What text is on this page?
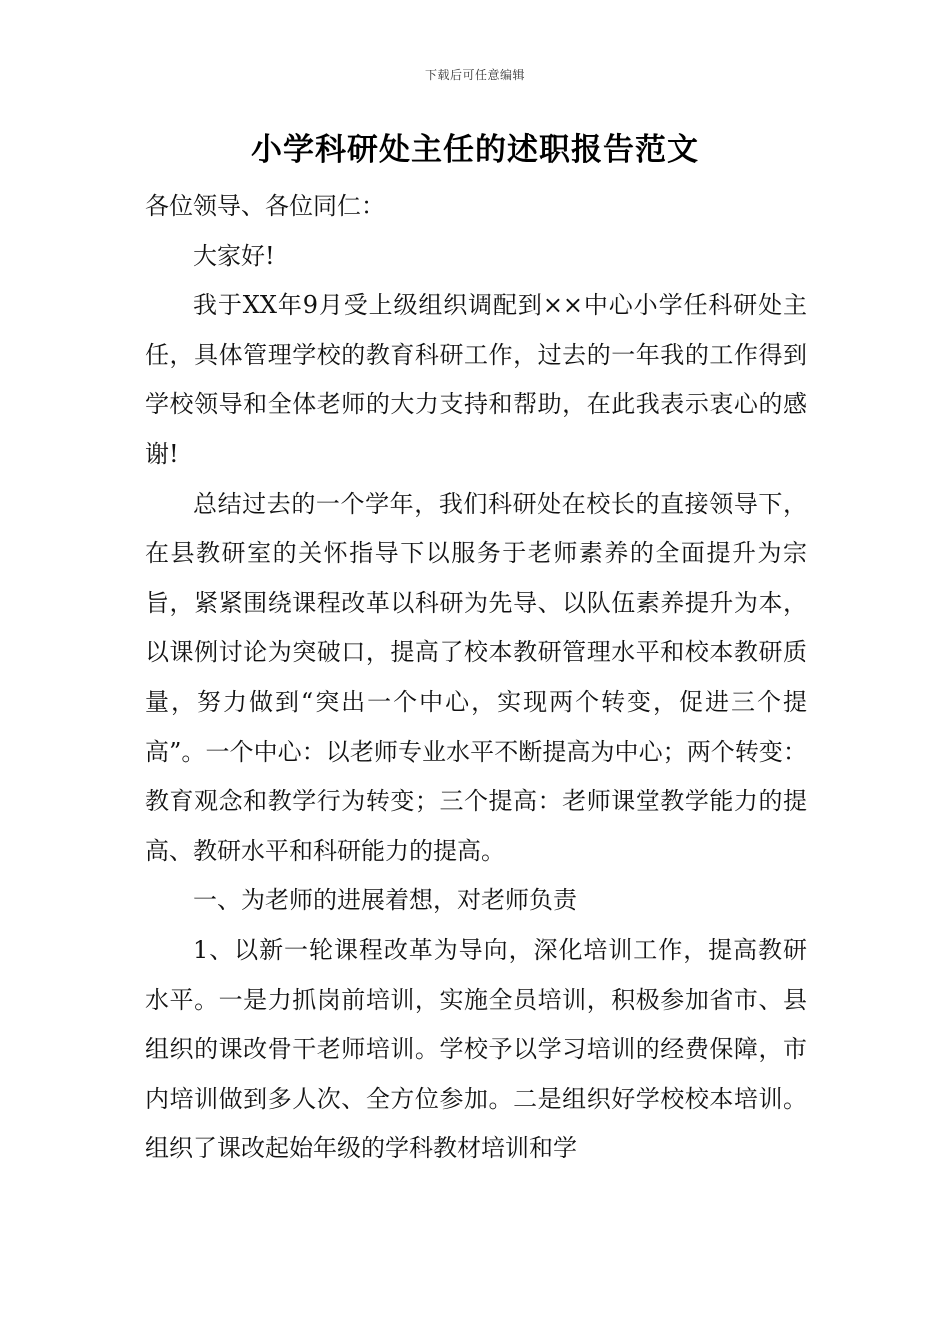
下载后可任意编辑
小学科研处主任的述职报告范文

各位领导、各位同仁：

大家好!

我于XX年9月受上级组织调配到××中心小学任科研处主任，具体管理学校的教育科研工作，过去的一年我的工作得到学校领导和全体老师的大力支持和帮助，在此我表示衷心的感谢!

总结过去的一个学年，我们科研处在校长的直接领导下，在县教研室的关怀指导下以服务于老师素养的全面提升为宗旨，紧紧围绕课程改革以科研为先导、以队伍素养提升为本，以课例讨论为突破口，提高了校本教研管理水平和校本教研质量，努力做到“突出一个中心，实现两个转变，促进三个提高”。一个中心：以老师专业水平不断提高为中心；两个转变：教育观念和教学行为转变；三个提高：老师课堂教学能力的提高、教研水平和科研能力的提高。

一、为老师的进展着想，对老师负责

1、以新一轮课程改革为导向，深化培训工作，提高教研水平。一是力抓岗前培训，实施全员培训，积极参加省市、县组织的课改骨干老师培训。学校予以学习培训的经费保障，市内培训做到多人次、全方位参加。二是组织好学校校本培训。组织了课改起始年级的学科教材培训和学
